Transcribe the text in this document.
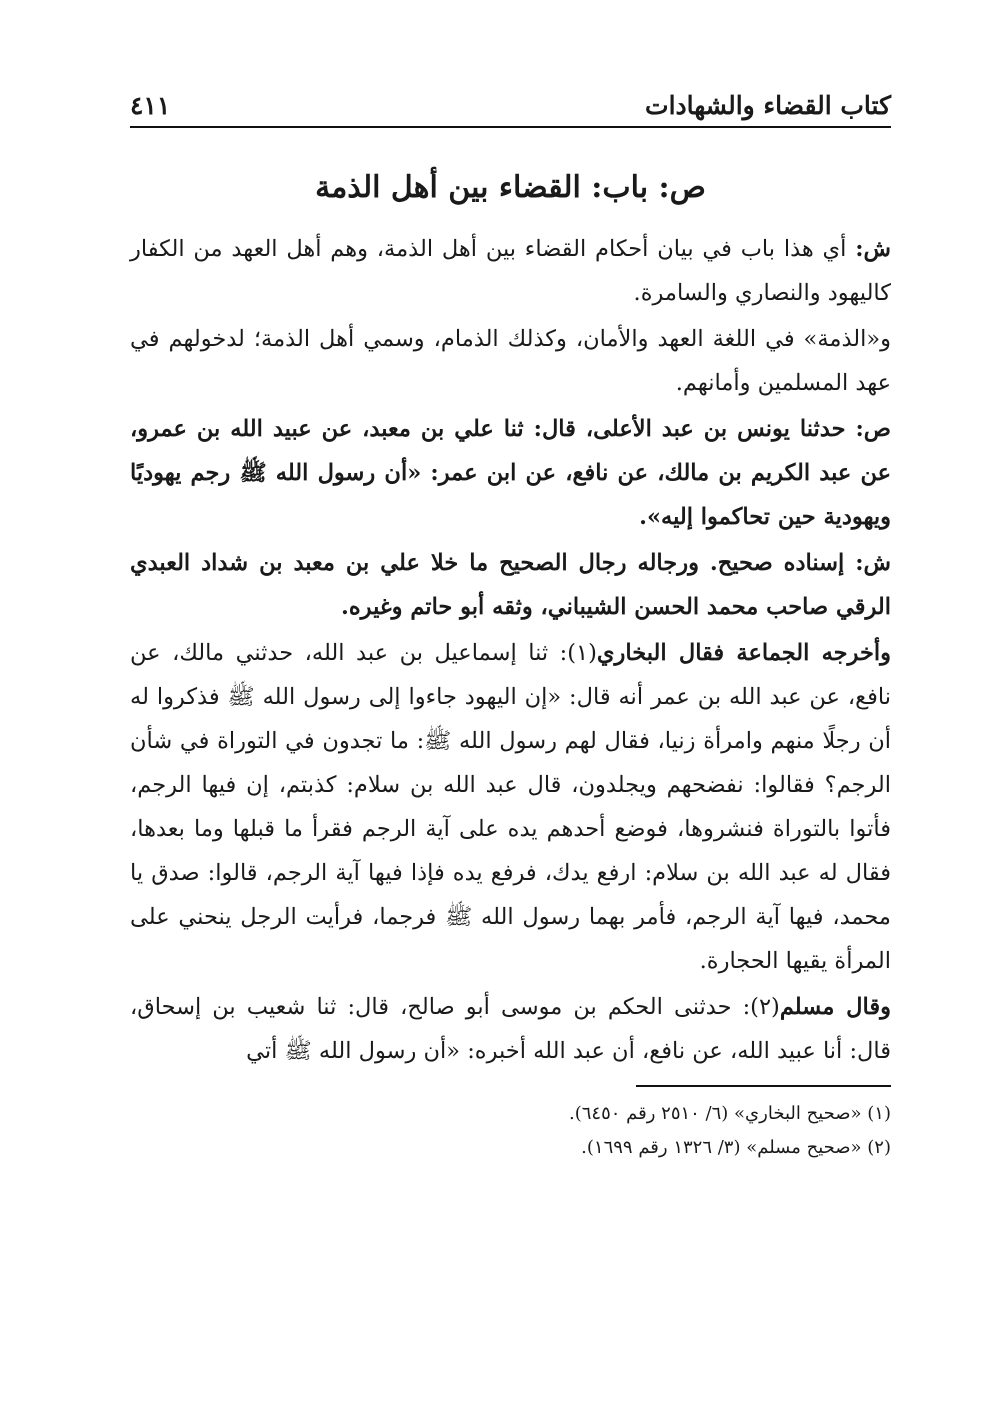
كتاب القضاء والشهادات
٤١١
ص: باب: القضاء بين أهل الذمة

ش: أي هذا باب في بيان أحكام القضاء بين أهل الذمة، وهم أهل العهد من الكفار كاليهود والنصاري والسامرة.

و«الذمة» في اللغة العهد والأمان، وكذلك الذمام، وسمي أهل الذمة؛ لدخولهم في عهد المسلمين وأمانهم.

ص: حدثنا يونس بن عبد الأعلى، قال: ثنا علي بن معبد، عن عبيد الله بن عمرو، عن عبد الكريم بن مالك، عن نافع، عن ابن عمر: «أن رسول الله ﷺ رجم يهوديًا ويهودية حين تحاكموا إليه».

ش: إسناده صحيح. ورجاله رجال الصحيح ما خلا علي بن معبد بن شداد العبدي الرقي صاحب محمد الحسن الشيباني، وثقه أبو حاتم وغيره.

وأخرجه الجماعة فقال البخاري(١): ثنا إسماعيل بن عبد الله، حدثني مالك، عن نافع، عن عبد الله بن عمر أنه قال: «إن اليهود جاءوا إلى رسول الله ﷺ فذكروا له أن رجلًا منهم وامرأة زنيا، فقال لهم رسول الله ﷺ: ما تجدون في التوراة في شأن الرجم؟ فقالوا: نفضحهم ويجلدون، قال عبد الله بن سلام: كذبتم، إن فيها الرجم، فأتوا بالتوراة فنشروها، فوضع أحدهم يده على آية الرجم فقرأ ما قبلها وما بعدها، فقال له عبد الله بن سلام: ارفع يدك، فرفع يده فإذا فيها آية الرجم، قالوا: صدق يا محمد، فيها آية الرجم، فأمر بهما رسول الله ﷺ فرجما، فرأيت الرجل ينحني على المرأة يقيها الحجارة.

وقال مسلم(٢): حدثنى الحكم بن موسى أبو صالح، قال: ثنا شعيب بن إسحاق، قال: أنا عبيد الله، عن نافع، أن عبد الله أخبره: «أن رسول الله ﷺ أتي

(١) «صحيح البخاري» (٦/ ٢٥١٠ رقم ٦٤٥٠).

(٢) «صحيح مسلم» (٣/ ١٣٢٦ رقم ١٦٩٩).
